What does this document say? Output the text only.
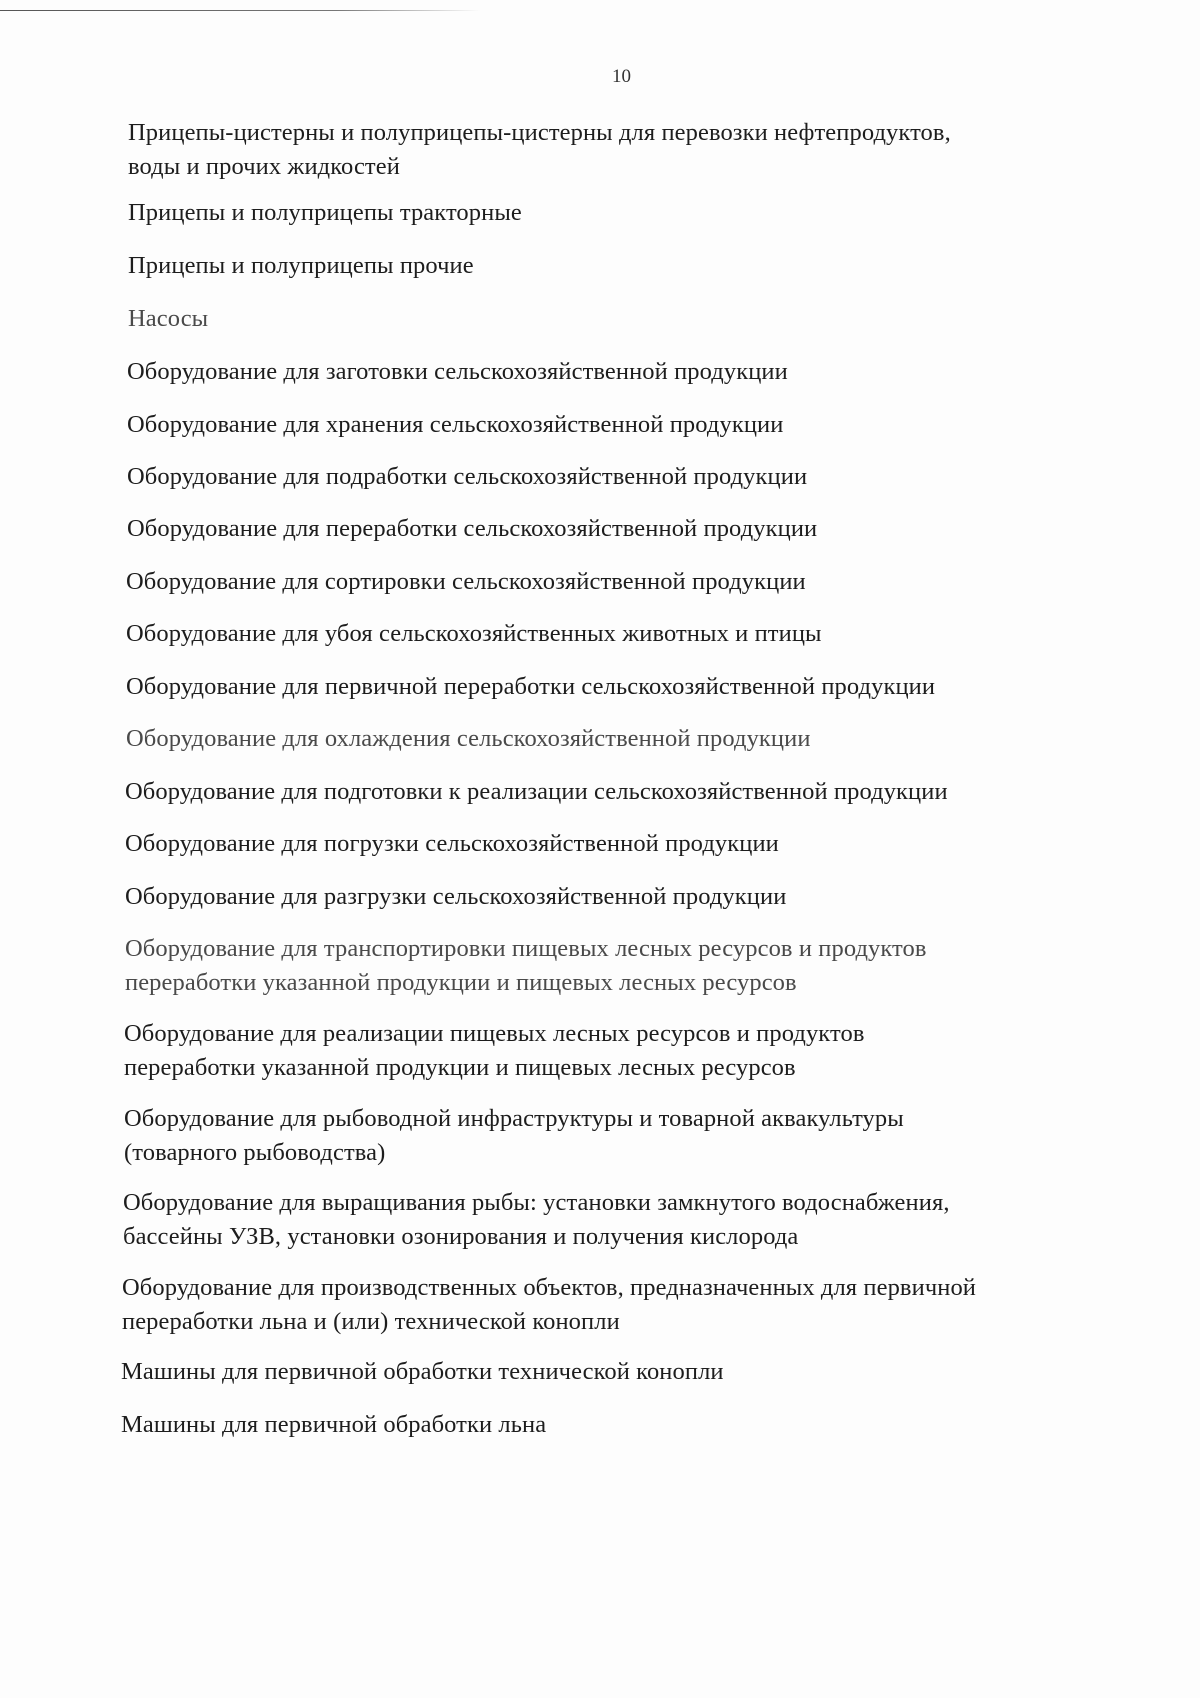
10
Прицепы-цистерны и полуприцепы-цистерны для перевозки нефтепродуктов,
воды и прочих жидкостей
Прицепы и полуприцепы тракторные
Прицепы и полуприцепы прочие
Насосы
Оборудование для заготовки сельскохозяйственной продукции
Оборудование для хранения сельскохозяйственной продукции
Оборудование для подработки сельскохозяйственной продукции
Оборудование для переработки сельскохозяйственной продукции
Оборудование для сортировки сельскохозяйственной продукции
Оборудование для убоя сельскохозяйственных животных и птицы
Оборудование для первичной переработки сельскохозяйственной продукции
Оборудование для охлаждения сельскохозяйственной продукции
Оборудование для подготовки к реализации сельскохозяйственной продукции
Оборудование для погрузки сельскохозяйственной продукции
Оборудование для разгрузки сельскохозяйственной продукции
Оборудование для транспортировки пищевых лесных ресурсов и продуктов
переработки указанной продукции и пищевых лесных ресурсов
Оборудование для реализации пищевых лесных ресурсов и продуктов
переработки указанной продукции и пищевых лесных ресурсов
Оборудование для рыбоводной инфраструктуры и товарной аквакультуры
(товарного рыбоводства)
Оборудование для выращивания рыбы: установки замкнутого водоснабжения,
бассейны УЗВ, установки озонирования и получения кислорода
Оборудование для производственных объектов, предназначенных для первичной
переработки льна и (или) технической конопли
Машины для первичной обработки технической конопли
Машины для первичной обработки льна
